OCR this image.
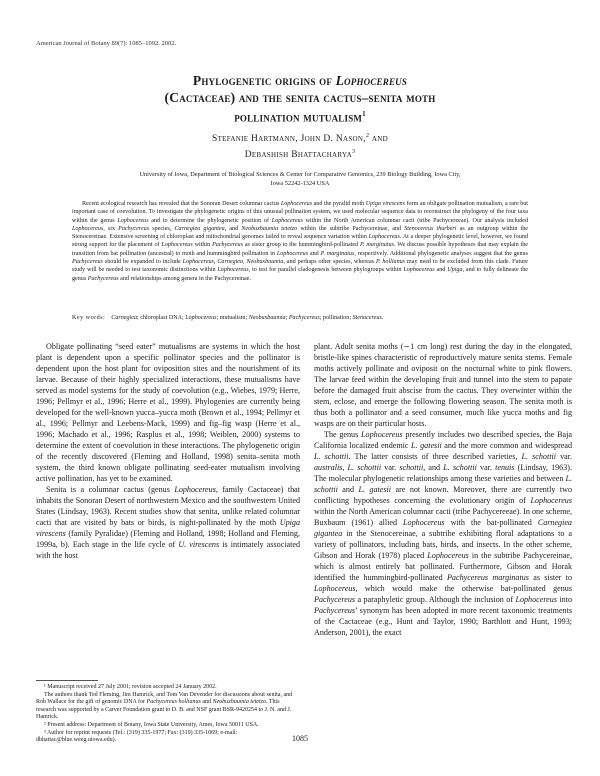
American Journal of Botany 89(7): 1085–1092. 2002.
Phylogenetic origins of Lophocereus
(Cactaceae) and the senita cactus–senita moth
pollination mutualism$^1$
Stefanie Hartmann, John D. Nason,$^2$ and
Debashish Bhattacharya$^3$
University of Iowa, Department of Biological Sciences & Center for Comparative Genomics, 239 Biology Building, Iowa City,
Iowa 52242-1324 USA
Recent ecological research has revealed that the Sonoran Desert columnar cactus Lophocereus and the pyralid moth Upiga virescens form an obligate pollination mutualism, a rare but important case of coevolution. To investigate the phylogenetic origins of this unusual pollination system, we used molecular sequence data to reconstruct the phylogeny of the four taxa within the genus Lophocereus and to determine the phylogenetic position of Lophocereus within the North American columnar cacti (tribe Pachycereeae). Our analysis included Lophocereus, six Pachycereus species, Carnegiea gigantea, and Neobuxbaumia tetetzo within the subtribe Pachycereinae, and Stenocereus thurberi as an outgroup within the Stenocereinae. Extensive screening of chloroplast and mitochondrial genomes failed to reveal sequence variation within Lophocereus. At a deeper phylogenetic level, however, we found strong support for the placement of Lophocereus within Pachycereus as sister group to the hummingbird-pollinated P. marginatus. We discuss possible hypotheses that may explain the transition from bat pollination (ancestral) to moth and hummingbird pollination in Lophocereus and P. marginatus, respectively. Additional phylogenetic analyses suggest that the genus Pachycereus should be expanded to include Lophocereus, Carnegiea, Neobuxbaumia, and perhaps other species, whereas P. hollianus may need to be excluded from this clade. Future study will be needed to test taxonomic distinctions within Lophocereus, to test for parallel cladogenesis between phylogroups within Lophocereus and Upiga, and to fully delineate the genus Pachycereus and relationships among genera in the Pachycereinae.
Key words: Carnegiea; chloroplast DNA; Lophocereus; mutualism; Neobuxbaumia; Pachycereus; pollination; Stenocereus.

Obligate pollinating “seed eater” mutualisms are systems in which the host plant is dependent upon a specific pollinator species and the pollinator is dependent upon the host plant for oviposition sites and the nourishment of its larvae. Because of their highly specialized interactions, these mutualisms have served as model systems for the study of coevolution (e.g., Wiebes, 1979; Herre, 1996; Pellmyr et al., 1996; Herre et al., 1999). Phylogenies are currently being developed for the well-known yucca–yucca moth (Brown et al., 1994; Pellmyr et al., 1996; Pellmyr and Leebens-Mack, 1999) and fig–fig wasp (Herre et al., 1996; Machado et al., 1996; Rasplus et al., 1998; Weiblen, 2000) systems to determine the extent of coevolution in these interactions. The phylogenetic origin of the recently discovered (Fleming and Holland, 1998) senita–senita moth system, the third known obligate pollinating seed-eater mutualism involving active pollination, has yet to be examined.

Senita is a columnar cactus (genus Lophocereus, family Cactaceae) that inhabits the Sonoran Desert of northwestern Mexico and the southwestern United States (Lindsay, 1963). Recent studies show that senita, unlike related columnar cacti that are visited by bats or birds, is night-pollinated by the moth Upiga virescens (family Pyralidae) (Fleming and Holland, 1998; Holland and Fleming, 1999a, b). Each stage in the life cycle of U. virescens is intimately associated with the host

¹ Manuscript received 27 July 2001; revision accepted 24 January 2002.

The authors thank Ted Fleming, Jim Hamrick, and Tom Van Devender for discussions about senita, and Rob Wallace for the gift of genomic DNA for Pachycereus hollianus and Neobuxbaumia tetetzo. This research was supported by a Carver Foundation grant to D. B. and NSF grant BSR-9420254 to J. N. and J. Hamrick.

² Present address: Department of Botany, Iowa State University, Ames, Iowa 50011 USA.

³ Author for reprint requests (Tel.: (319) 335-1977; Fax: (319) 335-1069; e-mail: dbhattac@blue.weeg.uiowa.edu).

plant. Adult senita moths (∼1 cm long) rest during the day in the elongated, bristle-like spines characteristic of reproductively mature senita stems. Female moths actively pollinate and oviposit on the nocturnal white to pink flowers. The larvae feed within the developing fruit and tunnel into the stem to papate before the damaged fruit abscise from the cactus. They overwinter within the stem, eclose, and emerge the following flowering season. The senita moth is thus both a pollinator and a seed consumer, much like yucca moths and fig wasps are on their particular hosts.

The genus Lophocereus presently includes two described species, the Baja California localized endemic L. gatesii and the more common and widespread L. schottii. The latter consists of three described varieties, L. schottii var. australis, L. schottii var. schottii, and L. schottii var. tenuis (Lindsay, 1963). The molecular phylogenetic relationships among these varieties and between L. schottii and L. gatesii are not known. Moreover, there are currently two conflicting hypotheses concerning the evolutionary origin of Lophocereus within the North American columnar cacti (tribe Pachycereeae). In one scheme, Buxbaum (1961) allied Lophocereus with the bat-pollinated Carnegiea gigantea in the Stenocereinae, a subtribe exhibiting floral adaptations to a variety of pollinators, including bats, birds, and insects. In the other scheme, Gibson and Horak (1978) placed Lophocereus in the subtribe Pachycereinae, which is almost entirely bat pollinated. Furthermore, Gibson and Horak identified the hummingbird-pollinated Pachycereus marginatus as sister to Lophocereus, which would make the otherwise bat-pollinated genus Pachycereus a paraphyletic group. Although the inclusion of Lophocereus into Pachycereus’ synonym has been adopted in more recent taxonomic treatments of the Cactaceae (e.g., Hunt and Taylor, 1990; Barthlott and Hunt, 1993; Anderson, 2001), the exact

1085
